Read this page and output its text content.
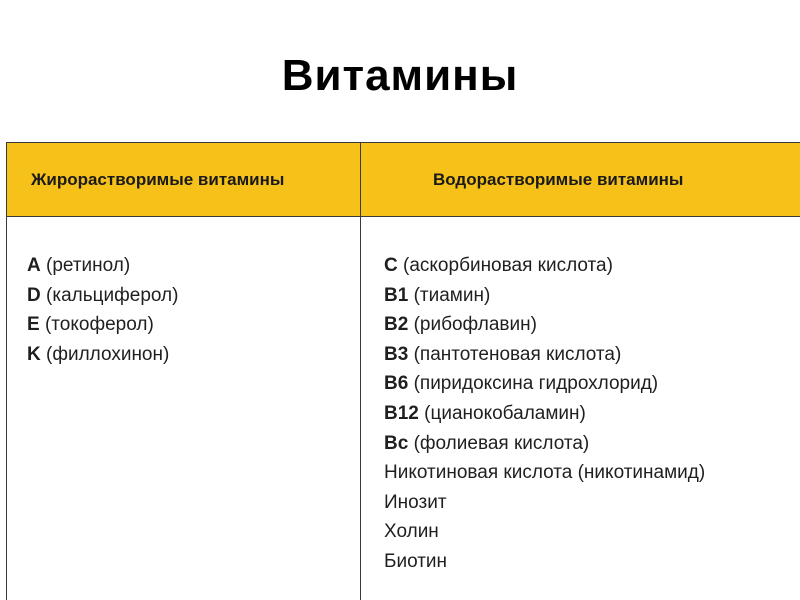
Витамины
Жирорастворимые витамины	Водорастворимые витамины
A (ретинол)
D (кальциферол)
E (токоферол)
K (филлохинон)
C (аскорбиновая кислота)
B1 (тиамин)
B2 (рибофлавин)
B3 (пантотеновая кислота)
B6 (пиридоксина гидрохлорид)
B12 (цианокобаламин)
Bc (фолиевая кислота)
Никотиновая кислота (никотинамид)
Инозит
Холин
Биотин
